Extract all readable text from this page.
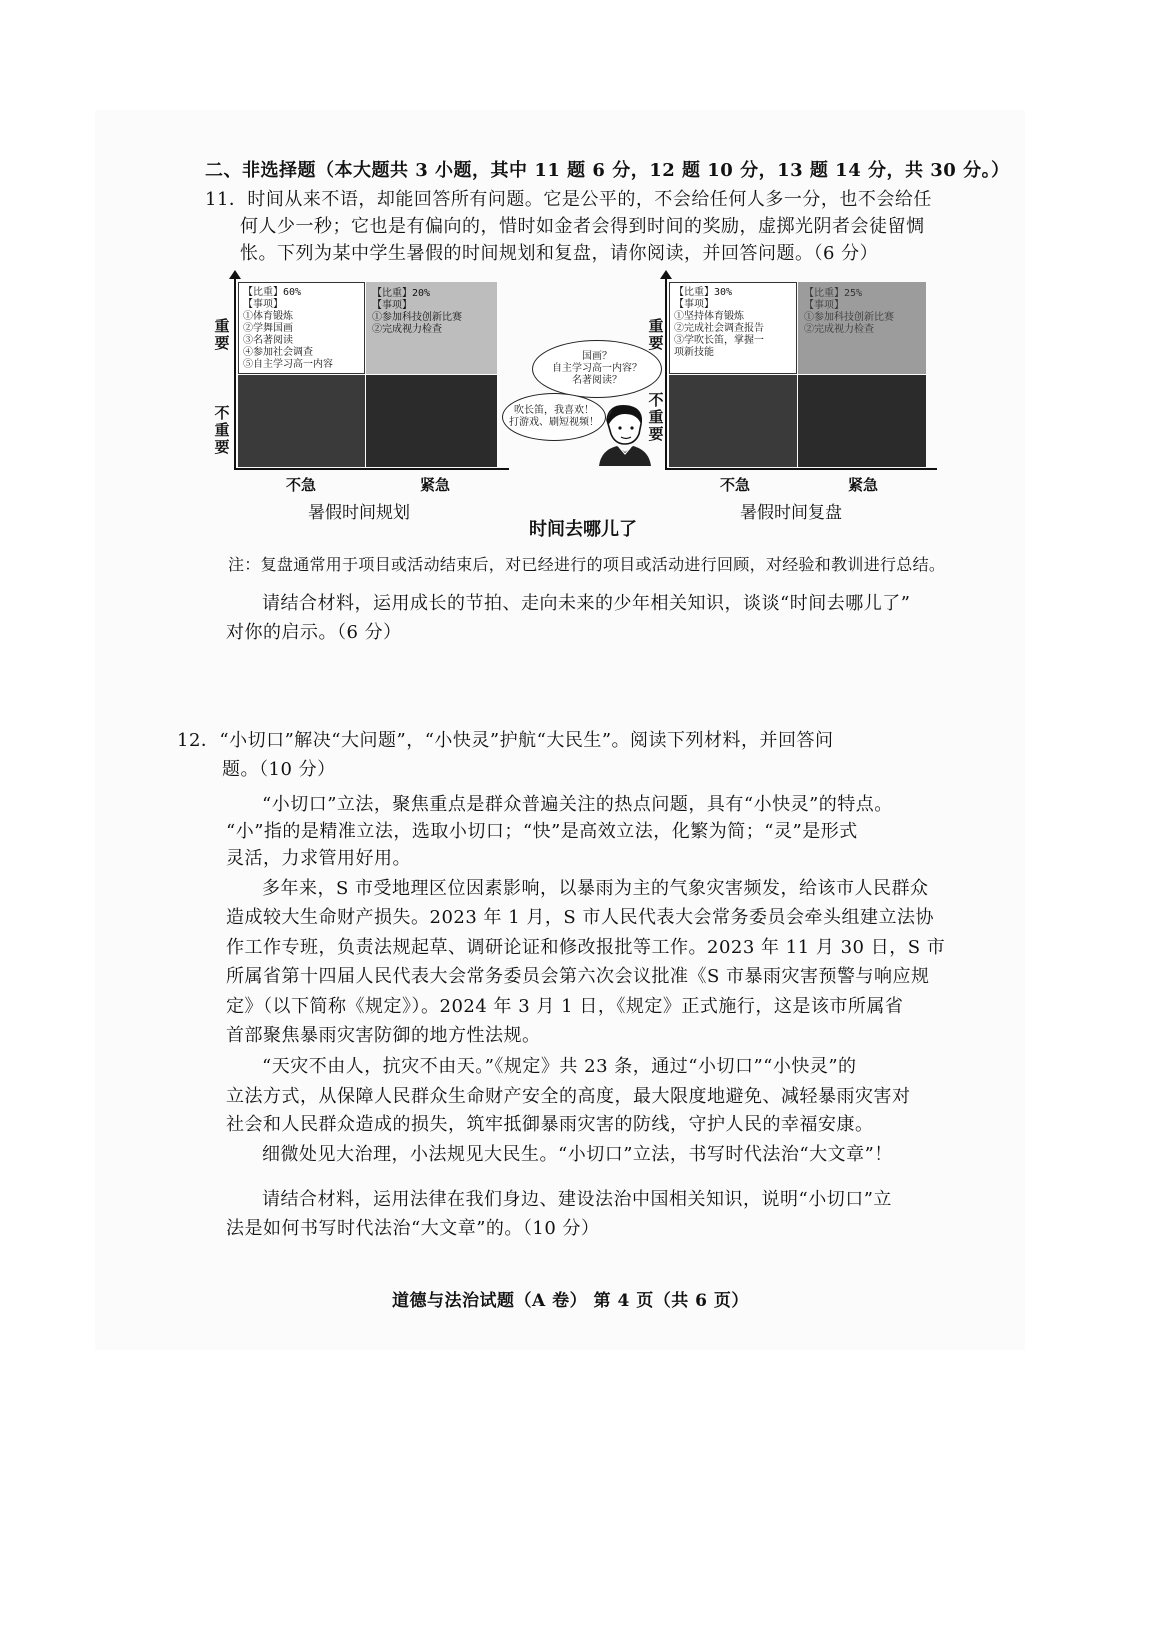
二、非选择题（本大题共 3 小题，其中 11 题 6 分，12 题 10 分，13 题 14 分，共 30 分。）
11．时间从来不语，却能回答所有问题。它是公平的，不会给任何人多一分，也不会给任
何人少一秒；它也是有偏向的，惜时如金者会得到时间的奖励，虚掷光阴者会徒留惆
怅。下列为某中学生暑假的时间规划和复盘，请你阅读，并回答问题。（6 分）
重要
不重要
【比重】60%
【事项】
①体育锻炼
②学舞国画
③名著阅读
④参加社会调查
⑤自主学习高一内容
【比重】20%
【事项】
①参加科技创新比赛
②完成视力检查
不急	紧急
暑假时间规划
国画？
自主学习高一内容？
名著阅读？
吹长笛，我喜欢！
打游戏、刷短视频！
时间去哪儿了
重要
不重要
【比重】30%
【事项】
①坚持体育锻炼
②完成社会调查报告
③学吹长笛，掌握一
项新技能
【比重】25%
【事项】
①参加科技创新比赛
②完成视力检查
不急	紧急
暑假时间复盘
注：复盘通常用于项目或活动结束后，对已经进行的项目或活动进行回顾，对经验和教训进行总结。
请结合材料，运用成长的节拍、走向未来的少年相关知识，谈谈“时间去哪儿了”
对你的启示。（6 分）
12．“小切口”解决“大问题”，“小快灵”护航“大民生”。阅读下列材料，并回答问
题。（10 分）
“小切口”立法，聚焦重点是群众普遍关注的热点问题，具有“小快灵”的特点。
“小”指的是精准立法，选取小切口；“快”是高效立法，化繁为简；“灵”是形式
灵活，力求管用好用。
多年来，S 市受地理区位因素影响，以暴雨为主的气象灾害频发，给该市人民群众
造成较大生命财产损失。2023 年 1 月，S 市人民代表大会常务委员会牵头组建立法协
作工作专班，负责法规起草、调研论证和修改报批等工作。2023 年 11 月 30 日，S 市
所属省第十四届人民代表大会常务委员会第六次会议批准《S 市暴雨灾害预警与响应规
定》（以下简称《规定》）。2024 年 3 月 1 日，《规定》正式施行，这是该市所属省
首部聚焦暴雨灾害防御的地方性法规。
“天灾不由人，抗灾不由天。”《规定》共 23 条，通过“小切口”“小快灵”的
立法方式，从保障人民群众生命财产安全的高度，最大限度地避免、减轻暴雨灾害对
社会和人民群众造成的损失，筑牢抵御暴雨灾害的防线，守护人民的幸福安康。
细微处见大治理，小法规见大民生。“小切口”立法，书写时代法治“大文章”！
请结合材料，运用法律在我们身边、建设法治中国相关知识，说明“小切口”立
法是如何书写时代法治“大文章”的。（10 分）
道德与法治试题（A 卷） 第 4 页（共 6 页）
